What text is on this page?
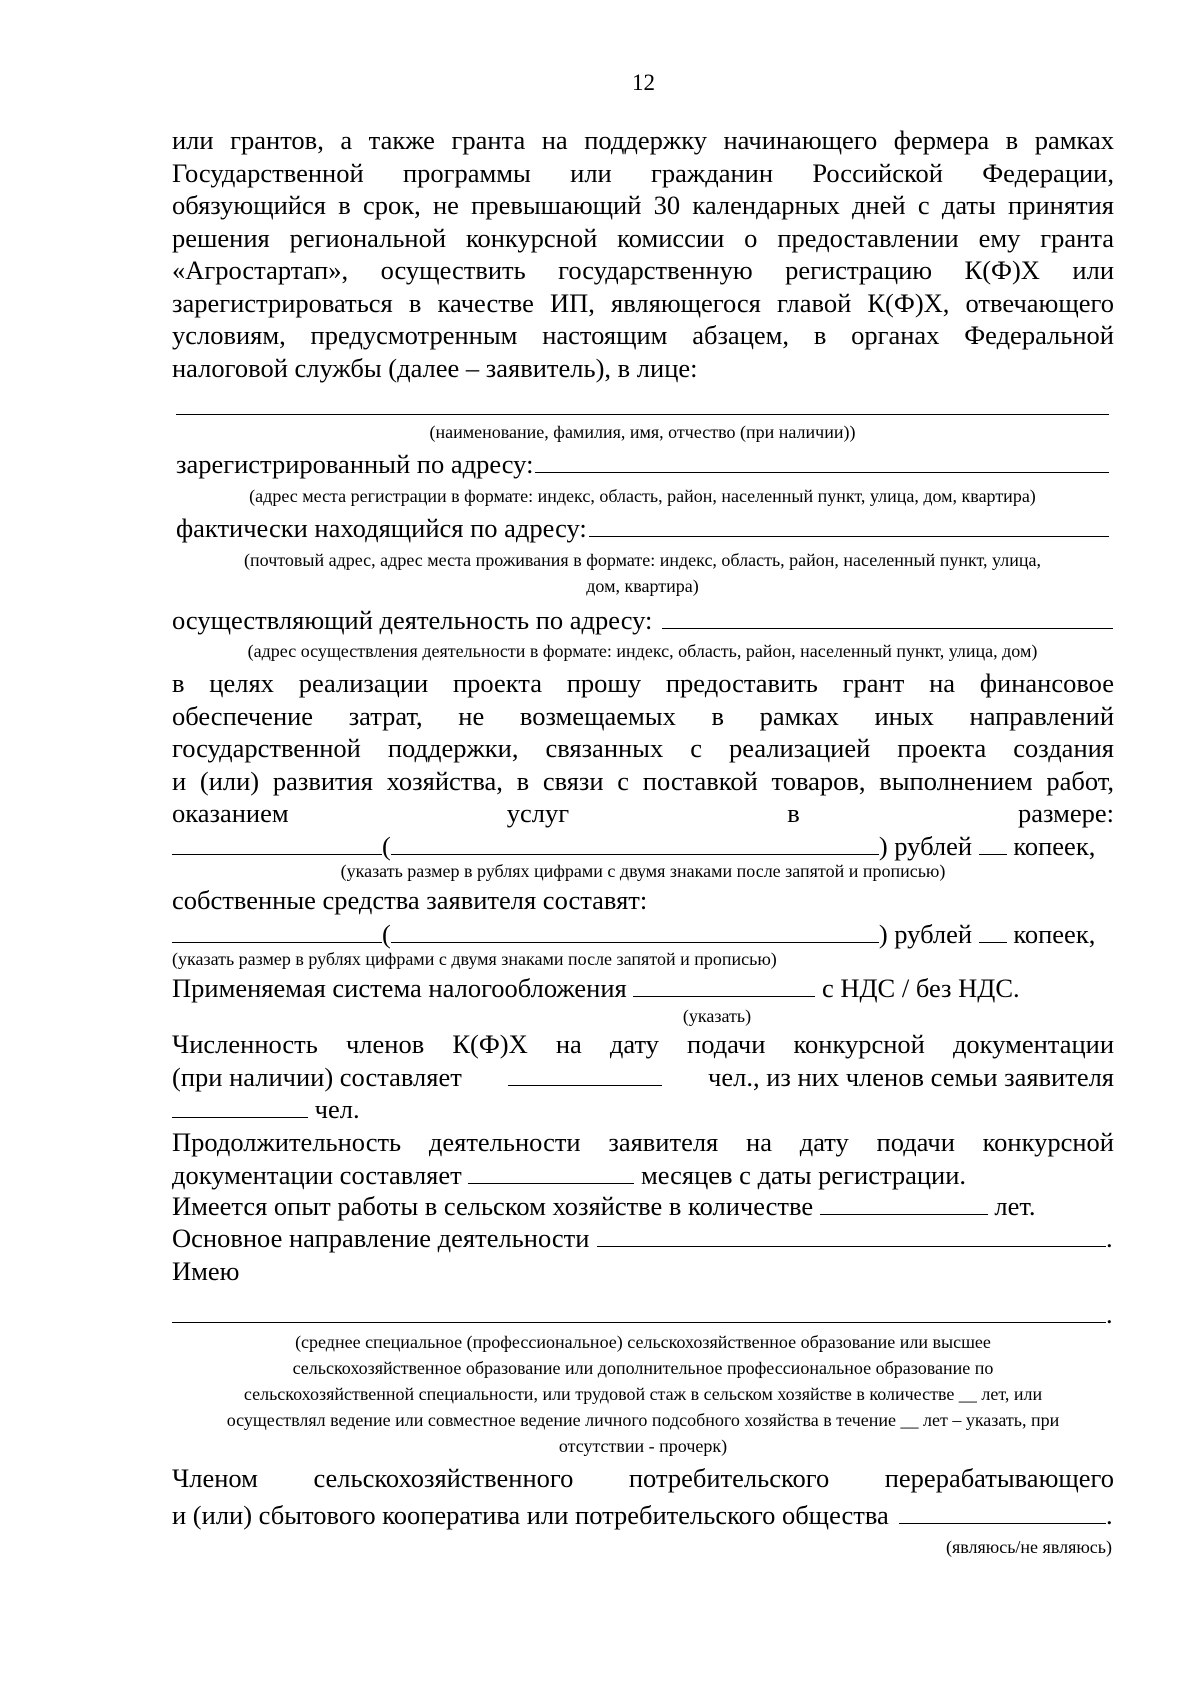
12
или грантов, а также гранта на поддержку начинающего фермера в рамках
Государственной программы или гражданин Российской Федерации,
обязующийся в срок, не превышающий 30 календарных дней с даты принятия
решения региональной конкурсной комиссии о предоставлении ему гранта
«Агростартап», осуществить государственную регистрацию К(Ф)Х или
зарегистрироваться в качестве ИП, являющегося главой К(Ф)Х, отвечающего
условиям, предусмотренным настоящим абзацем, в органах Федеральной
налоговой службы (далее – заявитель), в лице:
(наименование, фамилия, имя, отчество (при наличии))
зарегистрированный по адресу:
(адрес места регистрации в формате: индекс, область, район, населенный пункт, улица, дом, квартира)
фактически находящийся по адресу:
(почтовый адрес, адрес места проживания в формате: индекс, область, район, населенный пункт, улица,
дом, квартира)
осуществляющий деятельность по адресу:
(адрес осуществления деятельности в формате: индекс, область, район, населенный пункт, улица, дом)
в целях реализации проекта прошу предоставить грант на финансовое
обеспечение затрат, не возмещаемых в рамках иных направлений
государственной поддержки, связанных с реализацией проекта создания
и (или) развития хозяйства, в связи с поставкой товаров, выполнением работ,
оказанием услуг в размере:
(	) рублей копеек,
(указать размер в рублях цифрами с двумя знаками после запятой и прописью)
собственные средства заявителя составят:
(	) рублей копеек,
(указать размер в рублях цифрами с двумя знаками после запятой и прописью)
Применяемая система налогообложения	с НДС / без НДС.
(указать)
Численность членов К(Ф)Х на дату подачи конкурсной документации
(при наличии) составляет	чел., из них членов семьи заявителя
чел.
Продолжительность деятельности заявителя на дату подачи конкурсной
документации составляет	месяцев с даты регистрации.
Имеется опыт работы в сельском хозяйстве в количестве	лет.
Основное направление деятельности	.
Имею
.
(среднее специальное (профессиональное) сельскохозяйственное образование или высшее
сельскохозяйственное образование или дополнительное профессиональное образование по
сельскохозяйственной специальности, или трудовой стаж в сельском хозяйстве в количестве __ лет, или
осуществлял ведение или совместное ведение личного подсобного хозяйства в течение __ лет – указать, при
отсутствии - прочерк)
Членом сельскохозяйственного потребительского перерабатывающего
и (или) сбытового кооператива или потребительского общества	.
(являюсь/не являюсь)
